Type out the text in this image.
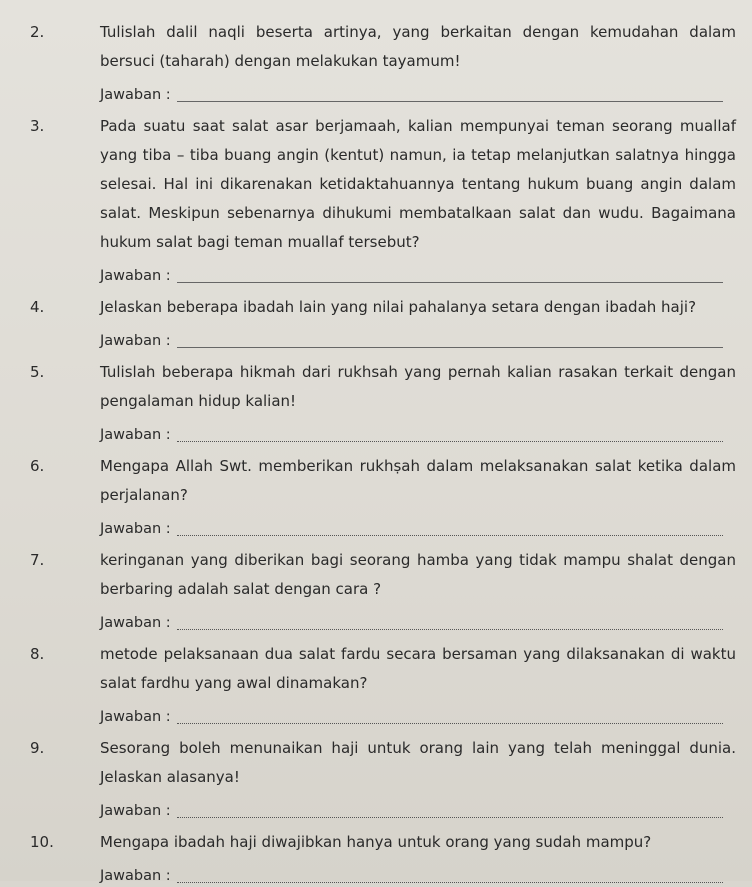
2.	Tulislah dalil naqli beserta artinya, yang berkaitan dengan kemudahan dalam bersuci (taharah) dengan melakukan tayamum!

Jawaban :
3.	Pada suatu saat salat asar berjamaah, kalian mempunyai teman seorang muallaf yang tiba – tiba buang angin (kentut) namun, ia tetap melanjutkan salatnya hingga selesai. Hal ini dikarenakan ketidaktahuannya tentang hukum buang angin dalam salat. Meskipun sebenarnya dihukumi membatalkaan salat dan wudu. Bagaimana hukum salat bagi teman muallaf tersebut?

Jawaban :
4.	Jelaskan beberapa ibadah lain yang nilai pahalanya setara dengan ibadah haji?

Jawaban :
5.	Tulislah beberapa hikmah dari rukhsah yang pernah kalian rasakan terkait dengan pengalaman hidup kalian!

Jawaban :
6.	Mengapa Allah Swt. memberikan rukhṣah dalam melaksanakan salat ketika dalam perjalanan?

Jawaban :
7.	keringanan yang diberikan bagi seorang hamba yang tidak mampu shalat dengan berbaring adalah salat dengan cara ?

Jawaban :
8.	metode pelaksanaan dua salat fardu secara bersaman yang dilaksanakan di waktu salat fardhu yang awal dinamakan?

Jawaban :
9.	Sesorang boleh menunaikan haji untuk orang lain yang telah meninggal dunia. Jelaskan alasanya!

Jawaban :
10.	Mengapa ibadah haji diwajibkan hanya untuk orang yang sudah mampu?

Jawaban :
